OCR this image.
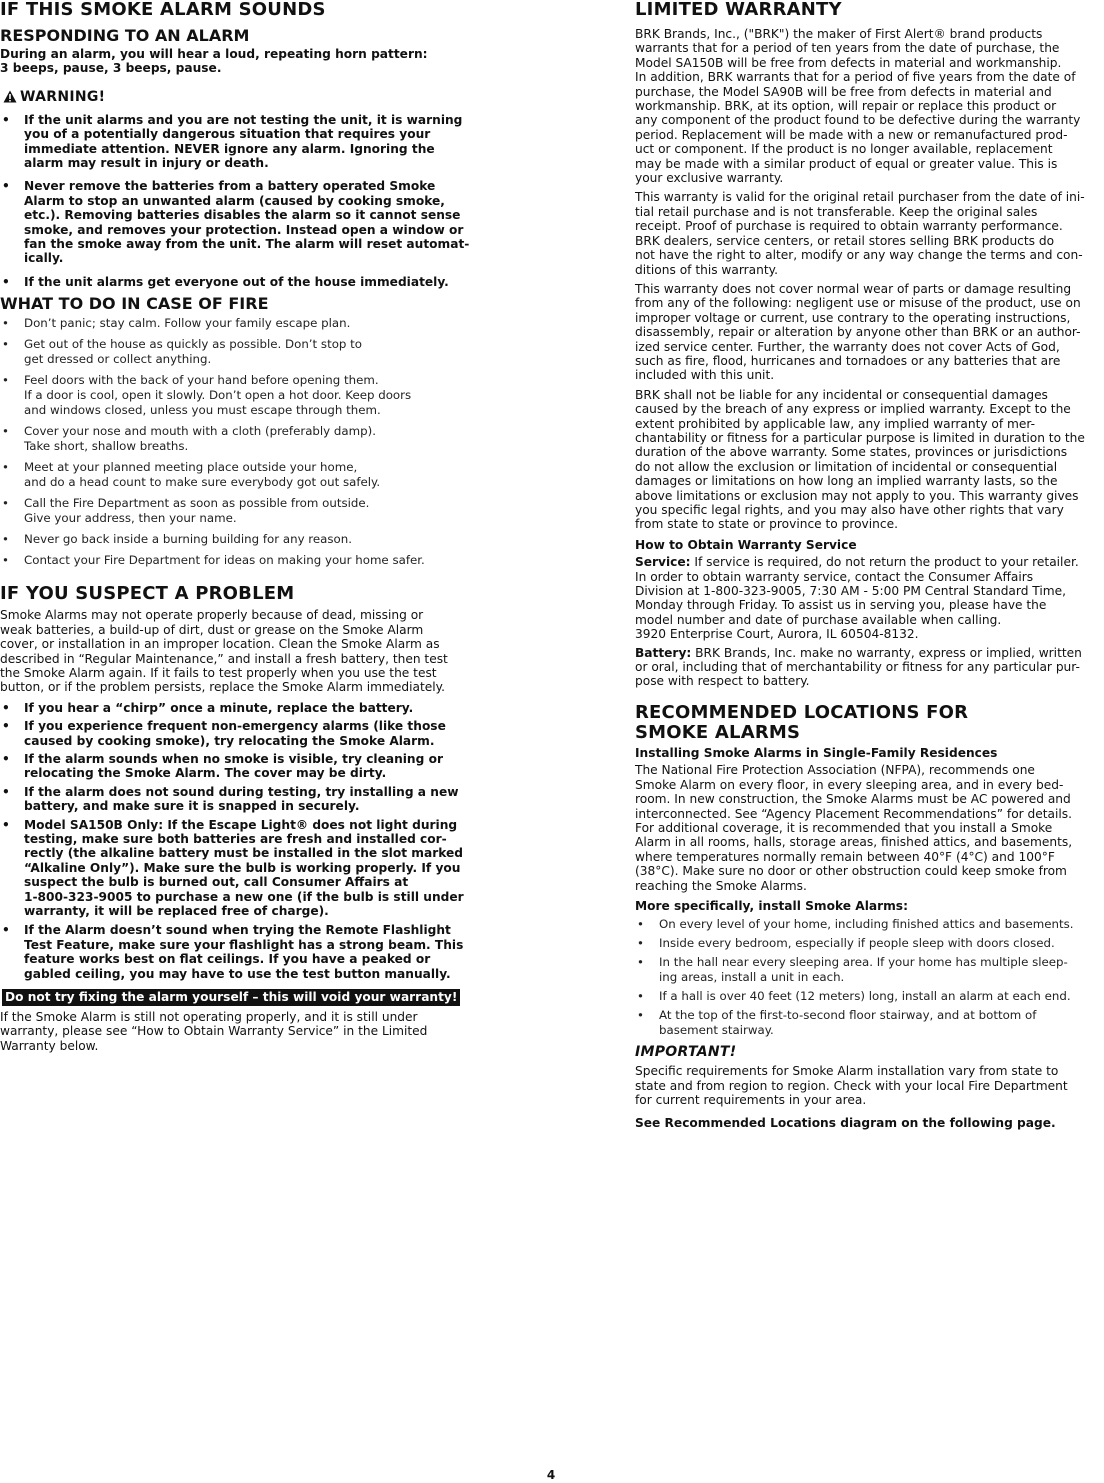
IF THIS SMOKE ALARM SOUNDS
RESPONDING TO AN ALARM
During an alarm, you will hear a loud, repeating horn pattern:
3 beeps, pause, 3 beeps, pause.
WARNING!
• If the unit alarms and you are not testing the unit, it is warning
you of a potentially dangerous situation that requires your
immediate attention. NEVER ignore any alarm. Ignoring the
alarm may result in injury or death.
• Never remove the batteries from a battery operated Smoke
Alarm to stop an unwanted alarm (caused by cooking smoke,
etc.). Removing batteries disables the alarm so it cannot sense
smoke, and removes your protection. Instead open a window or
fan the smoke away from the unit. The alarm will reset automat-
ically.
• If the unit alarms get everyone out of the house immediately.
WHAT TO DO IN CASE OF FIRE
• Don’t panic; stay calm. Follow your family escape plan.
• Get out of the house as quickly as possible. Don’t stop to
get dressed or collect anything.
• Feel doors with the back of your hand before opening them.
If a door is cool, open it slowly. Don’t open a hot door. Keep doors
and windows closed, unless you must escape through them.
• Cover your nose and mouth with a cloth (preferably damp).
Take short, shallow breaths.
• Meet at your planned meeting place outside your home,
and do a head count to make sure everybody got out safely.
• Call the Fire Department as soon as possible from outside.
Give your address, then your name.
• Never go back inside a burning building for any reason.
• Contact your Fire Department for ideas on making your home safer.
IF YOU SUSPECT A PROBLEM
Smoke Alarms may not operate properly because of dead, missing or
weak batteries, a build-up of dirt, dust or grease on the Smoke Alarm
cover, or installation in an improper location. Clean the Smoke Alarm as
described in “Regular Maintenance,” and install a fresh battery, then test
the Smoke Alarm again. If it fails to test properly when you use the test
button, or if the problem persists, replace the Smoke Alarm immediately.
• If you hear a “chirp” once a minute, replace the battery.
• If you experience frequent non-emergency alarms (like those
caused by cooking smoke), try relocating the Smoke Alarm.
• If the alarm sounds when no smoke is visible, try cleaning or
relocating the Smoke Alarm. The cover may be dirty.
• If the alarm does not sound during testing, try installing a new
battery, and make sure it is snapped in securely.
• Model SA150B Only: If the Escape Light® does not light during
testing, make sure both batteries are fresh and installed cor-
rectly (the alkaline battery must be installed in the slot marked
“Alkaline Only”). Make sure the bulb is working properly. If you
suspect the bulb is burned out, call Consumer Affairs at
1-800-323-9005 to purchase a new one (if the bulb is still under
warranty, it will be replaced free of charge).
• If the Alarm doesn’t sound when trying the Remote Flashlight
Test Feature, make sure your flashlight has a strong beam. This
feature works best on flat ceilings. If you have a peaked or
gabled ceiling, you may have to use the test button manually.
Do not try fixing the alarm yourself – this will void your warranty!
If the Smoke Alarm is still not operating properly, and it is still under
warranty, please see “How to Obtain Warranty Service” in the Limited
Warranty below.
LIMITED WARRANTY
BRK Brands, Inc., ("BRK") the maker of First Alert® brand products
warrants that for a period of ten years from the date of purchase, the
Model SA150B will be free from defects in material and workmanship.
In addition, BRK warrants that for a period of five years from the date of
purchase, the Model SA90B will be free from defects in material and
workmanship. BRK, at its option, will repair or replace this product or
any component of the product found to be defective during the warranty
period. Replacement will be made with a new or remanufactured prod-
uct or component. If the product is no longer available, replacement
may be made with a similar product of equal or greater value. This is
your exclusive warranty.
This warranty is valid for the original retail purchaser from the date of ini-
tial retail purchase and is not transferable. Keep the original sales
receipt. Proof of purchase is required to obtain warranty performance.
BRK dealers, service centers, or retail stores selling BRK products do
not have the right to alter, modify or any way change the terms and con-
ditions of this warranty.
This warranty does not cover normal wear of parts or damage resulting
from any of the following: negligent use or misuse of the product, use on
improper voltage or current, use contrary to the operating instructions,
disassembly, repair or alteration by anyone other than BRK or an author-
ized service center. Further, the warranty does not cover Acts of God,
such as fire, flood, hurricanes and tornadoes or any batteries that are
included with this unit.
BRK shall not be liable for any incidental or consequential damages
caused by the breach of any express or implied warranty. Except to the
extent prohibited by applicable law, any implied warranty of mer-
chantability or fitness for a particular purpose is limited in duration to the
duration of the above warranty. Some states, provinces or jurisdictions
do not allow the exclusion or limitation of incidental or consequential
damages or limitations on how long an implied warranty lasts, so the
above limitations or exclusion may not apply to you. This warranty gives
you specific legal rights, and you may also have other rights that vary
from state to state or province to province.
How to Obtain Warranty Service
Service: If service is required, do not return the product to your retailer.
In order to obtain warranty service, contact the Consumer Affairs
Division at 1-800-323-9005, 7:30 AM - 5:00 PM Central Standard Time,
Monday through Friday. To assist us in serving you, please have the
model number and date of purchase available when calling.
3920 Enterprise Court, Aurora, IL 60504-8132.
Battery: BRK Brands, Inc. make no warranty, express or implied, written
or oral, including that of merchantability or fitness for any particular pur-
pose with respect to battery.
RECOMMENDED LOCATIONS FOR
SMOKE ALARMS
Installing Smoke Alarms in Single-Family Residences
The National Fire Protection Association (NFPA), recommends one
Smoke Alarm on every floor, in every sleeping area, and in every bed-
room. In new construction, the Smoke Alarms must be AC powered and
interconnected. See “Agency Placement Recommendations” for details.
For additional coverage, it is recommended that you install a Smoke
Alarm in all rooms, halls, storage areas, finished attics, and basements,
where temperatures normally remain between 40°F (4°C) and 100°F
(38°C). Make sure no door or other obstruction could keep smoke from
reaching the Smoke Alarms.
More specifically, install Smoke Alarms:
• On every level of your home, including finished attics and basements.
• Inside every bedroom, especially if people sleep with doors closed.
• In the hall near every sleeping area. If your home has multiple sleep-
ing areas, install a unit in each.
• If a hall is over 40 feet (12 meters) long, install an alarm at each end.
• At the top of the first-to-second floor stairway, and at bottom of
basement stairway.
IMPORTANT!
Specific requirements for Smoke Alarm installation vary from state to
state and from region to region. Check with your local Fire Department
for current requirements in your area.
See Recommended Locations diagram on the following page.
4
